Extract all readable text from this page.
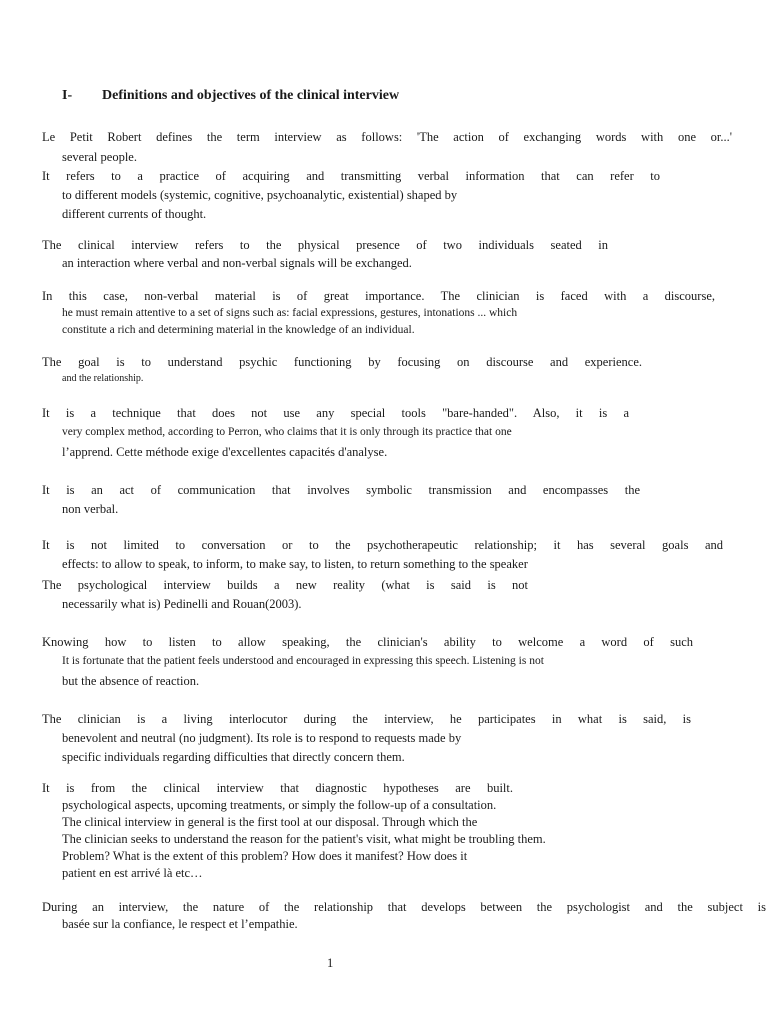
I- Definitions and objectives of the clinical interview
Le Petit Robert defines the term interview as follows: 'The action of exchanging words with one or...'
several people.
It refers to a practice of acquiring and transmitting verbal information that can refer to
to different models (systemic, cognitive, psychoanalytic, existential) shaped by
different currents of thought.
The clinical interview refers to the physical presence of two individuals seated in
an interaction where verbal and non-verbal signals will be exchanged.
In this case, non-verbal material is of great importance. The clinician is faced with a discourse,
he must remain attentive to a set of signs such as: facial expressions, gestures, intonations ... which
constitute a rich and determining material in the knowledge of an individual.
The goal is to understand psychic functioning by focusing on discourse and experience.
and the relationship.
It is a technique that does not use any special tools "bare-handed". Also, it is a
very complex method, according to Perron, who claims that it is only through its practice that one
l’apprend. Cette méthode exige d'excellentes capacités d'analyse.
It is an act of communication that involves symbolic transmission and encompasses the
non verbal.
It is not limited to conversation or to the psychotherapeutic relationship; it has several goals and
effects: to allow to speak, to inform, to make say, to listen, to return something to the speaker
The psychological interview builds a new reality (what is said is not
necessarily what is) Pedinelli and Rouan(2003).
Knowing how to listen to allow speaking, the clinician's ability to welcome a word of such
It is fortunate that the patient feels understood and encouraged in expressing this speech. Listening is not
but the absence of reaction.
The clinician is a living interlocutor during the interview, he participates in what is said, is
benevolent and neutral (no judgment). Its role is to respond to requests made by
specific individuals regarding difficulties that directly concern them.
It is from the clinical interview that diagnostic hypotheses are built.
psychological aspects, upcoming treatments, or simply the follow-up of a consultation.
The clinical interview in general is the first tool at our disposal. Through which the
The clinician seeks to understand the reason for the patient's visit, what might be troubling them.
Problem? What is the extent of this problem? How does it manifest? How does it
patient en est arrivé là etc…
During an interview, the nature of the relationship that develops between the psychologist and the subject is
basée sur la confiance, le respect et l’empathie.
1
